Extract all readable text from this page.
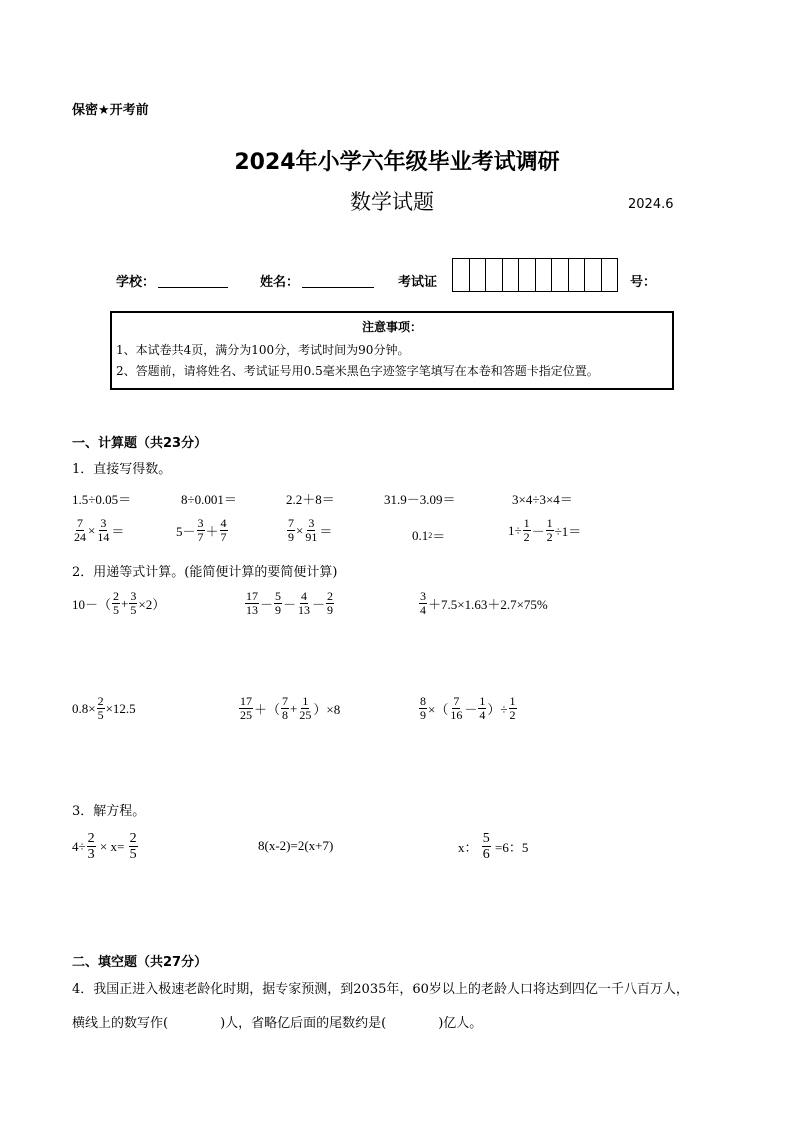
保密★开考前
2024年小学六年级毕业考试调研
数学试题	2024.6
学校：	姓名：	考试证	号：
注意事项：
1、本试卷共4页，满分为100分，考试时间为90分钟。
2、答题前，请将姓名、考试证号用0.5毫米黑色字迹签字笔填写在本卷和答题卡指定位置。
一、计算题（共23分）
1．直接写得数。
1.5÷0.05＝	8÷0.001＝	2.2＋8＝	31.9－3.09＝	3×4÷3×4＝
$\frac{7}{24} \times \frac{3}{14}$ ＝	$5- \frac{3}{7} + \frac{4}{7}$	$\frac{7}{9} \times \frac{3}{91}$ ＝	0.1 2 ＝	$1\div \frac{1}{2} - \frac{1}{2} \div 1=$
2．用递等式计算。(能简便计算的要简便计算)
$10-( \frac{2}{5} + \frac{3}{5} \times 2)$	$\frac{17}{13} - \frac{5}{9} - \frac{4}{13} - \frac{2}{9}$	$\frac{3}{4} +7.5\times 1.63+2.7\times 75\%$
$0.8\times \frac{2}{5} \times 12.5$	$\frac{17}{25}$ ＋（ $\frac{7}{8} + \frac{1}{25} )\times 8$	$\frac{8}{9}$ ×（ $\frac{7}{16} - \frac{1}{4}$ ）÷ $\frac{1}{2}$
3．解方程。
$4\div \frac{2}{3} \times x= \frac{2}{5}$	8(x-2)=2(x+7)	x： $\frac{5}{6} =6$：5
二、填空题（共27分）
4．我国正进入极速老龄化时期，据专家预测，到2035年，60岁以上的老龄人口将达到四亿一千八百万人，
横线上的数写作(　　　　)人，省略亿后面的尾数约是(　　　　)亿人。
